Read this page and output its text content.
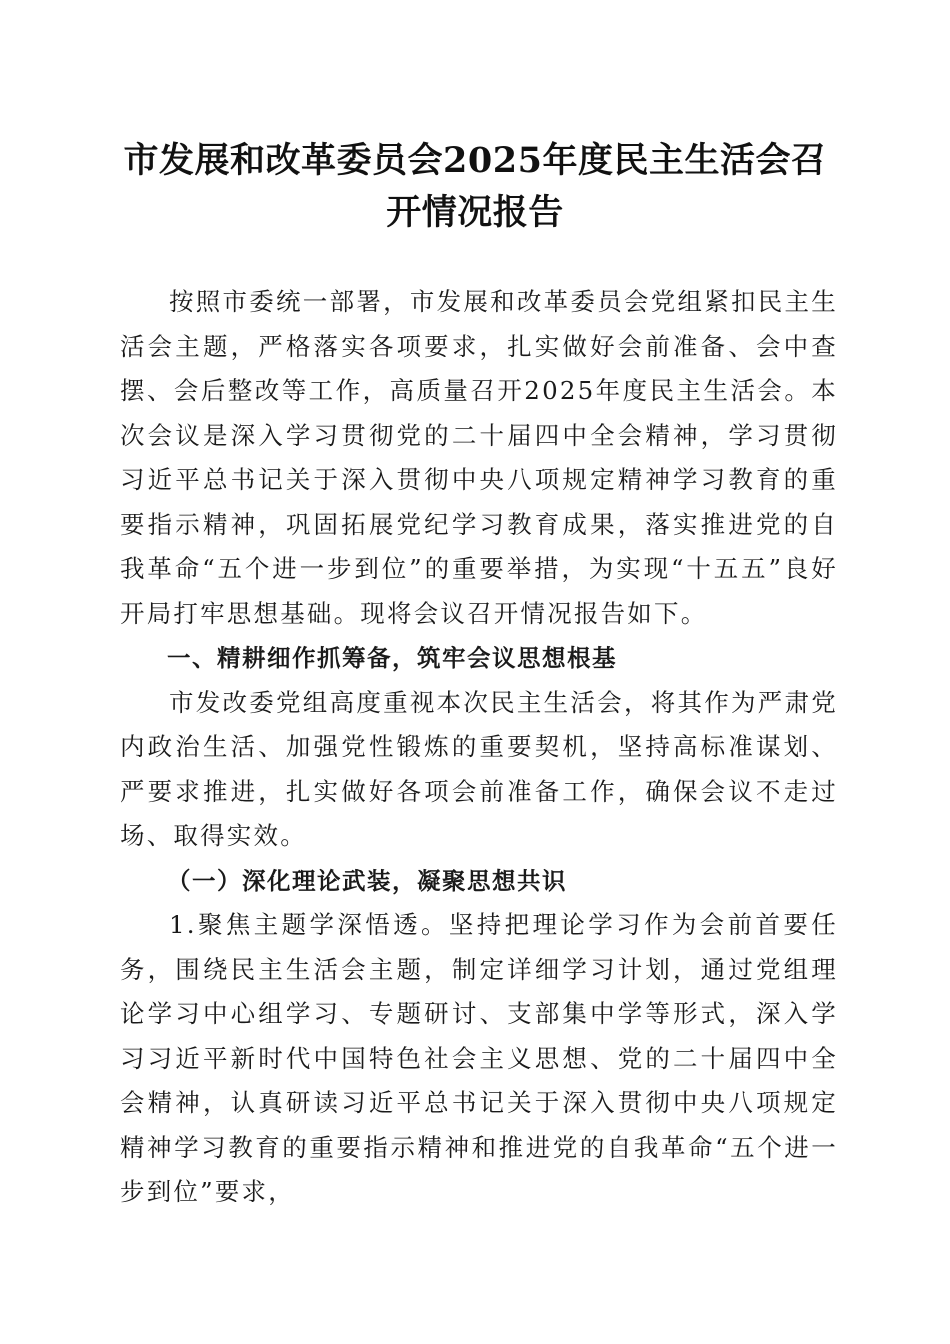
市发展和改革委员会2025年度民主生活会召
开情况报告

按照市委统一部署，市发展和改革委员会党组紧扣民主生活会主题，严格落实各项要求，扎实做好会前准备、会中查摆、会后整改等工作，高质量召开2025年度民主生活会。本次会议是深入学习贯彻党的二十届四中全会精神，学习贯彻习近平总书记关于深入贯彻中央八项规定精神学习教育的重要指示精神，巩固拓展党纪学习教育成果，落实推进党的自我革命“五个进一步到位”的重要举措，为实现“十五五”良好开局打牢思想基础。现将会议召开情况报告如下。

一、精耕细作抓筹备，筑牢会议思想根基

市发改委党组高度重视本次民主生活会，将其作为严肃党内政治生活、加强党性锻炼的重要契机，坚持高标准谋划、严要求推进，扎实做好各项会前准备工作，确保会议不走过场、取得实效。

（一）深化理论武装，凝聚思想共识

1.聚焦主题学深悟透。坚持把理论学习作为会前首要任务，围绕民主生活会主题，制定详细学习计划，通过党组理论学习中心组学习、专题研讨、支部集中学等形式，深入学习习近平新时代中国特色社会主义思想、党的二十届四中全会精神，认真研读习近平总书记关于深入贯彻中央八项规定精神学习教育的重要指示精神和推进党的自我革命“五个进一步到位”要求，
